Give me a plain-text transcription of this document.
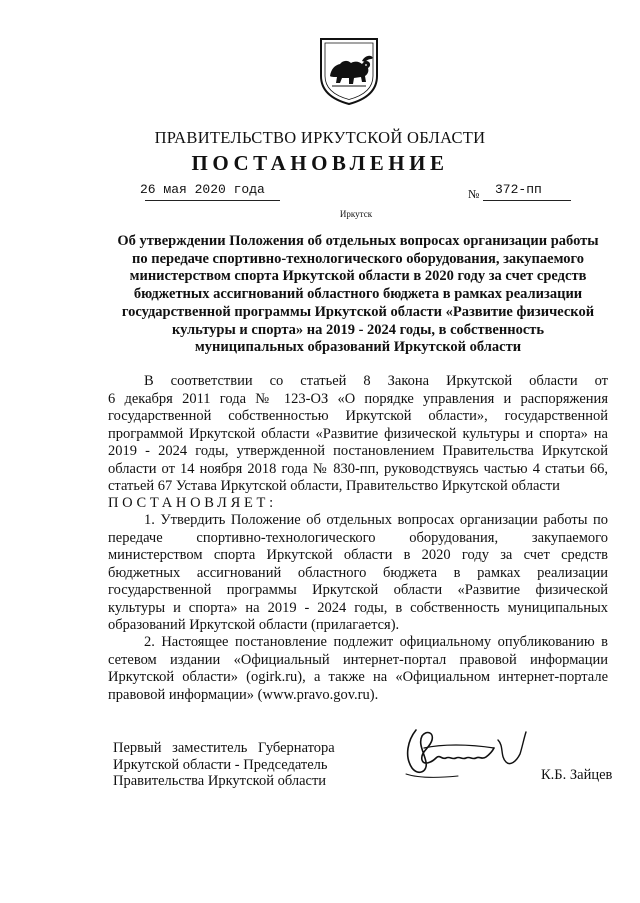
ПРАВИТЕЛЬСТВО ИРКУТСКОЙ ОБЛАСТИ
ПОСТАНОВЛЕНИЕ
26 мая 2020 года	№ 372-пп
Иркутск
Об утверждении Положения об отдельных вопросах организации работы
по передаче спортивно-технологического оборудования, закупаемого
министерством спорта Иркутской области в 2020 году за счет средств
бюджетных ассигнований областного бюджета в рамках реализации
государственной программы Иркутской области «Развитие физической
культуры и спорта» на 2019 - 2024 годы, в собственность
муниципальных образований Иркутской области
В соответствии со статьей 8 Закона Иркутской области от
6 декабря 2011 года № 123-ОЗ «О порядке управления и распоряжения
государственной собственностью Иркутской области», государственной
программой Иркутской области «Развитие физической культуры и спорта» на
2019 - 2024 годы, утвержденной постановлением Правительства Иркутской
области от 14 ноября 2018 года № 830-пп, руководствуясь частью 4 статьи 66,
статьей 67 Устава Иркутской области, Правительство Иркутской области
ПОСТАНОВЛЯЕТ:
1. Утвердить Положение об отдельных вопросах организации работы по
передаче спортивно-технологического оборудования, закупаемого
министерством спорта Иркутской области в 2020 году за счет средств
бюджетных ассигнований областного бюджета в рамках реализации
государственной программы Иркутской области «Развитие физической
культуры и спорта» на 2019 - 2024 годы, в собственность муниципальных
образований Иркутской области (прилагается).
2. Настоящее постановление подлежит официальному опубликованию в
сетевом издании «Официальный интернет-портал правовой информации
Иркутской области» (ogirk.ru), а также на «Официальном интернет-портале
правовой информации» (www.pravo.gov.ru).
Первый заместитель Губернатора
Иркутской области - Председатель
Правительства Иркутской области	К.Б. Зайцев
